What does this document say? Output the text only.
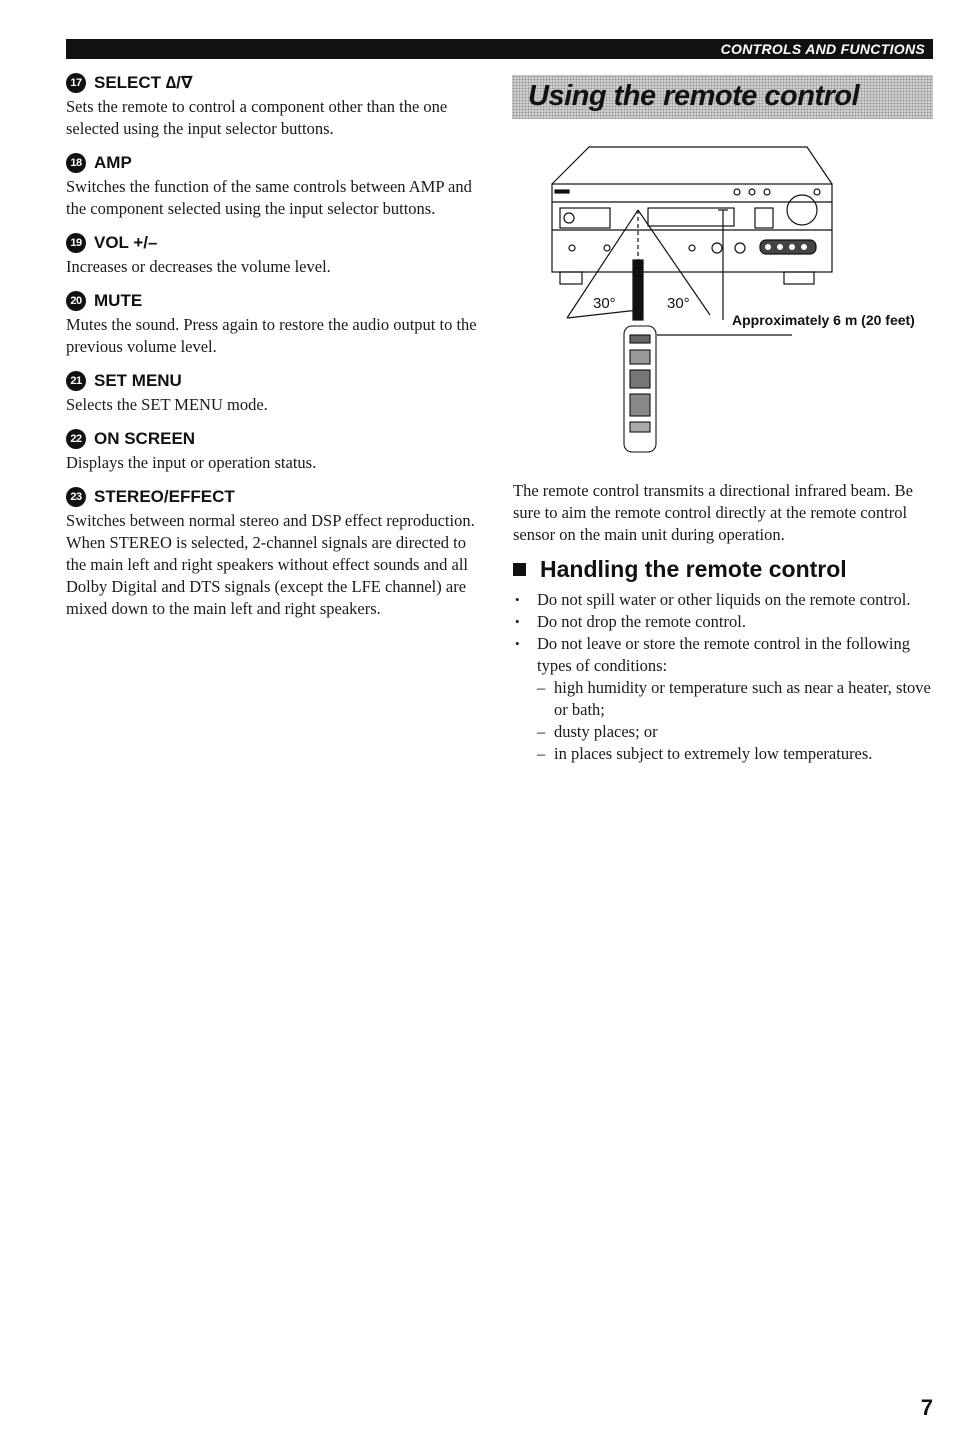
CONTROLS AND FUNCTIONS
17 SELECT ∆/∇
Sets the remote to control a component other than the one selected using the input selector buttons.
18 AMP
Switches the function of the same controls between AMP and the component selected using the input selector buttons.
19 VOL +/–
Increases or decreases the volume level.
20 MUTE
Mutes the sound. Press again to restore the audio output to the previous volume level.
21 SET MENU
Selects the SET MENU mode.
22 ON SCREEN
Displays the input or operation status.
23 STEREO/EFFECT
Switches between normal stereo and DSP effect reproduction. When STEREO is selected, 2-channel signals are directed to the main left and right speakers without effect sounds and all Dolby Digital and DTS signals (except the LFE channel) are mixed down to the main left and right speakers.
Using the remote control
30°	30°
Approximately 6 m (20 feet)

The remote control transmits a directional infrared beam. Be sure to aim the remote control directly at the remote control sensor on the main unit during operation.

Handling the remote control
• Do not spill water or other liquids on the remote control.
• Do not drop the remote control.
• Do not leave or store the remote control in the following types of conditions:
– high humidity or temperature such as near a heater, stove or bath;
– dusty places; or
– in places subject to extremely low temperatures.
7
